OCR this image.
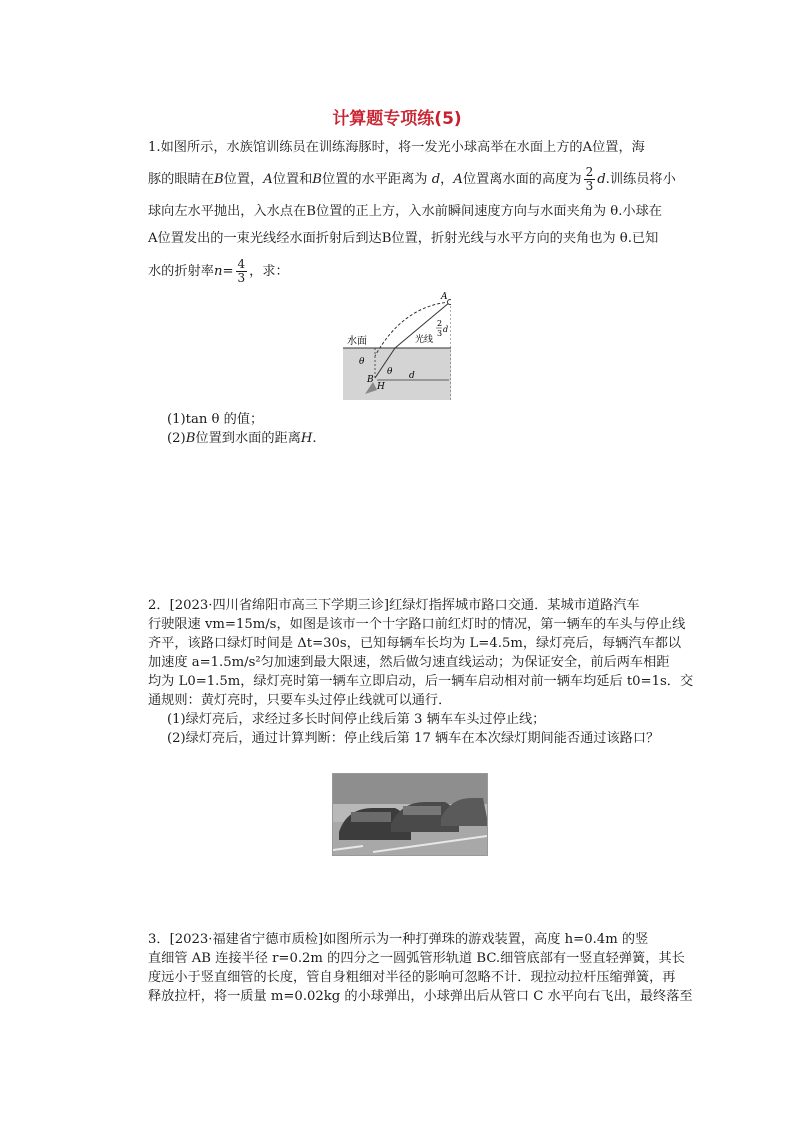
计算题专项练(5)
1.如图所示，水族馆训练员在训练海豚时，将一发光小球高举在水面上方的A位置，海
豚的眼睛在B位置，A位置和B位置的水平距离为 d，A位置离水面的高度为 $\frac{2}{3} d$.训练员将小
球向左水平抛出，入水点在B位置的正上方，入水前瞬间速度方向与水面夹角为 θ.小球在
A位置发出的一束光线经水面折射后到达B位置，折射光线与水平方向的夹角也为 θ.已知
水的折射率$n= \frac{4}{3}$ ，求：
A
B
水面	光线
θ
θ
H
d
2
3 d
(1)tan θ 的值；
(2)B位置到水面的距离H.
2．[2023·四川省绵阳市高三下学期三诊]红绿灯指挥城市路口交通．某城市道路汽车
行驶限速 vm=15m/s，如图是该市一个十字路口前红灯时的情况，第一辆车的车头与停止线
齐平，该路口绿灯时间是 Δt=30s，已知每辆车长均为 L=4.5m，绿灯亮后，每辆汽车都以
加速度 a=1.5m/s²匀加速到最大限速，然后做匀速直线运动；为保证安全，前后两车相距
均为 L0=1.5m，绿灯亮时第一辆车立即启动，后一辆车启动相对前一辆车均延后 t0=1s．交
通规则：黄灯亮时，只要车头过停止线就可以通行．
(1)绿灯亮后，求经过多长时间停止线后第 3 辆车车头过停止线；
(2)绿灯亮后，通过计算判断：停止线后第 17 辆车在本次绿灯期间能否通过该路口？
3．[2023·福建省宁德市质检]如图所示为一种打弹珠的游戏装置，高度 h=0.4m 的竖
直细管 AB 连接半径 r=0.2m 的四分之一圆弧管形轨道 BC.细管底部有一竖直轻弹簧，其长
度远小于竖直细管的长度，管自身粗细对半径的影响可忽略不计．现拉动拉杆压缩弹簧，再
释放拉杆，将一质量 m=0.02kg 的小球弹出，小球弹出后从管口 C 水平向右飞出，最终落至
